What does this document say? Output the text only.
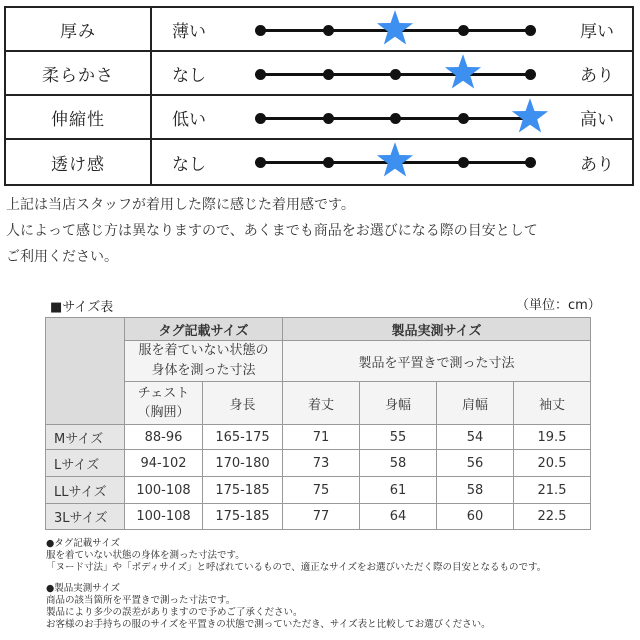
厚み	薄い	厚い
柔らかさ	なし	あり
伸縮性	低い	高い
透け感	なし	あり
上記は当店スタッフが着用した際に感じた着用感です。
人によって感じ方は異なりますので、あくまでも商品をお選びになる際の目安として
ご利用ください。
■サイズ表	（単位：cm）
	タグ記載サイズ		製品実測サイズ			
	服を着ていない状態の身体を測った寸法		製品を平置きで測った寸法			
	チェスト（胸囲）	身長	着丈	身幅	肩幅	袖丈
Mサイズ	88-96	165-175	71	55	54	19.5
Lサイズ	94-102	170-180	73	58	56	20.5
LLサイズ	100-108	175-185	75	61	58	21.5
3Lサイズ	100-108	175-185	77	64	60	22.5
●タグ記載サイズ
服を着ていない状態の身体を測った寸法です。
「ヌード寸法」や「ボディサイズ」と呼ばれているもので、適正なサイズをお選びいただく際の目安となるものです。
●製品実測サイズ
商品の該当箇所を平置きで測った寸法です。
製品により多少の誤差がありますので予めご了承ください。
お客様のお手持ちの服のサイズを平置きの状態で測っていただき、サイズ表と比較してお選びください。
